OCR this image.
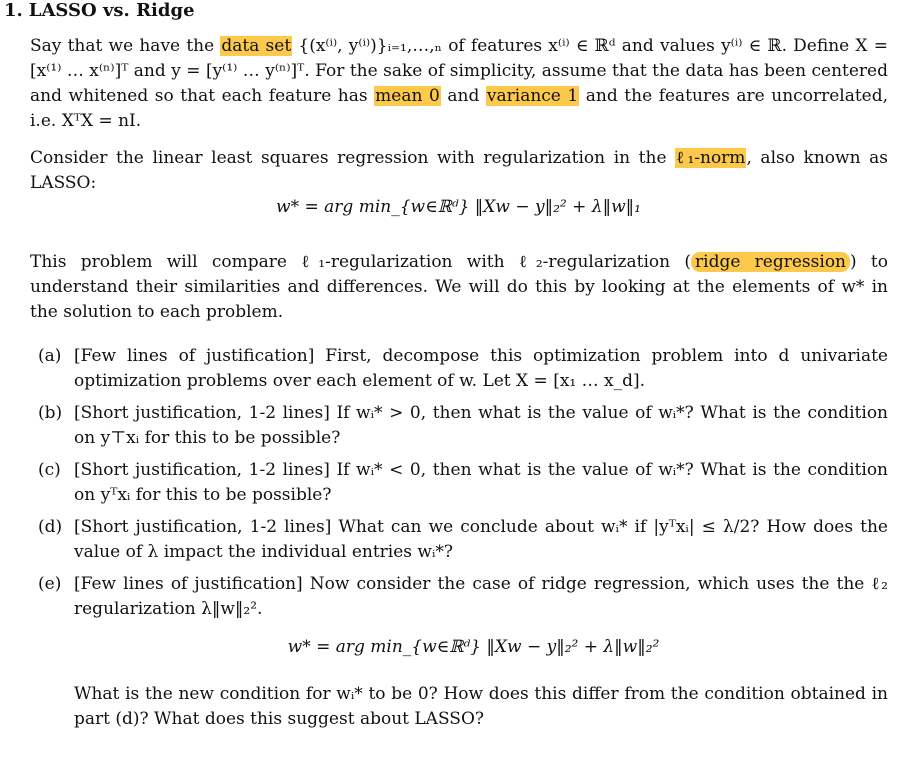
1. LASSO vs. Ridge
Say that we have the data set {(x⁽ⁱ⁾, y⁽ⁱ⁾)}ᵢ₌₁,…,ₙ of features x⁽ⁱ⁾ ∈ ℝᵈ and values y⁽ⁱ⁾ ∈ ℝ. Define X = [x⁽¹⁾ … x⁽ⁿ⁾]ᵀ and y = [y⁽¹⁾ … y⁽ⁿ⁾]ᵀ. For the sake of simplicity, assume that the data has been centered and whitened so that each feature has mean 0 and variance 1 and the features are uncorrelated, i.e. XᵀX = nI.
Consider the linear least squares regression with regularization in the ℓ₁-norm, also known as LASSO:
w* = arg min_{w∈ℝᵈ} ‖Xw − y‖₂² + λ‖w‖₁
This problem will compare ℓ₁-regularization with ℓ₂-regularization ( ridge regression ) to understand their similarities and differences. We will do this by looking at the elements of w* in the solution to each problem.
(a) [Few lines of justification] First, decompose this optimization problem into d univariate optimization problems over each element of w. Let X = [x₁ … x_d].
(b) [Short justification, 1-2 lines] If wᵢ* > 0, then what is the value of wᵢ*? What is the condition on y⊤xᵢ for this to be possible?
(c) [Short justification, 1-2 lines] If wᵢ* < 0, then what is the value of wᵢ*? What is the condition on yᵀxᵢ for this to be possible?
(d) [Short justification, 1-2 lines] What can we conclude about wᵢ* if |yᵀxᵢ| ≤ λ/2? How does the value of λ impact the individual entries wᵢ*?
(e) [Few lines of justification] Now consider the case of ridge regression, which uses the the ℓ₂ regularization λ‖w‖₂².
w* = arg min_{w∈ℝᵈ} ‖Xw − y‖₂² + λ‖w‖₂²
What is the new condition for wᵢ* to be 0? How does this differ from the condition obtained in part (d)? What does this suggest about LASSO?
